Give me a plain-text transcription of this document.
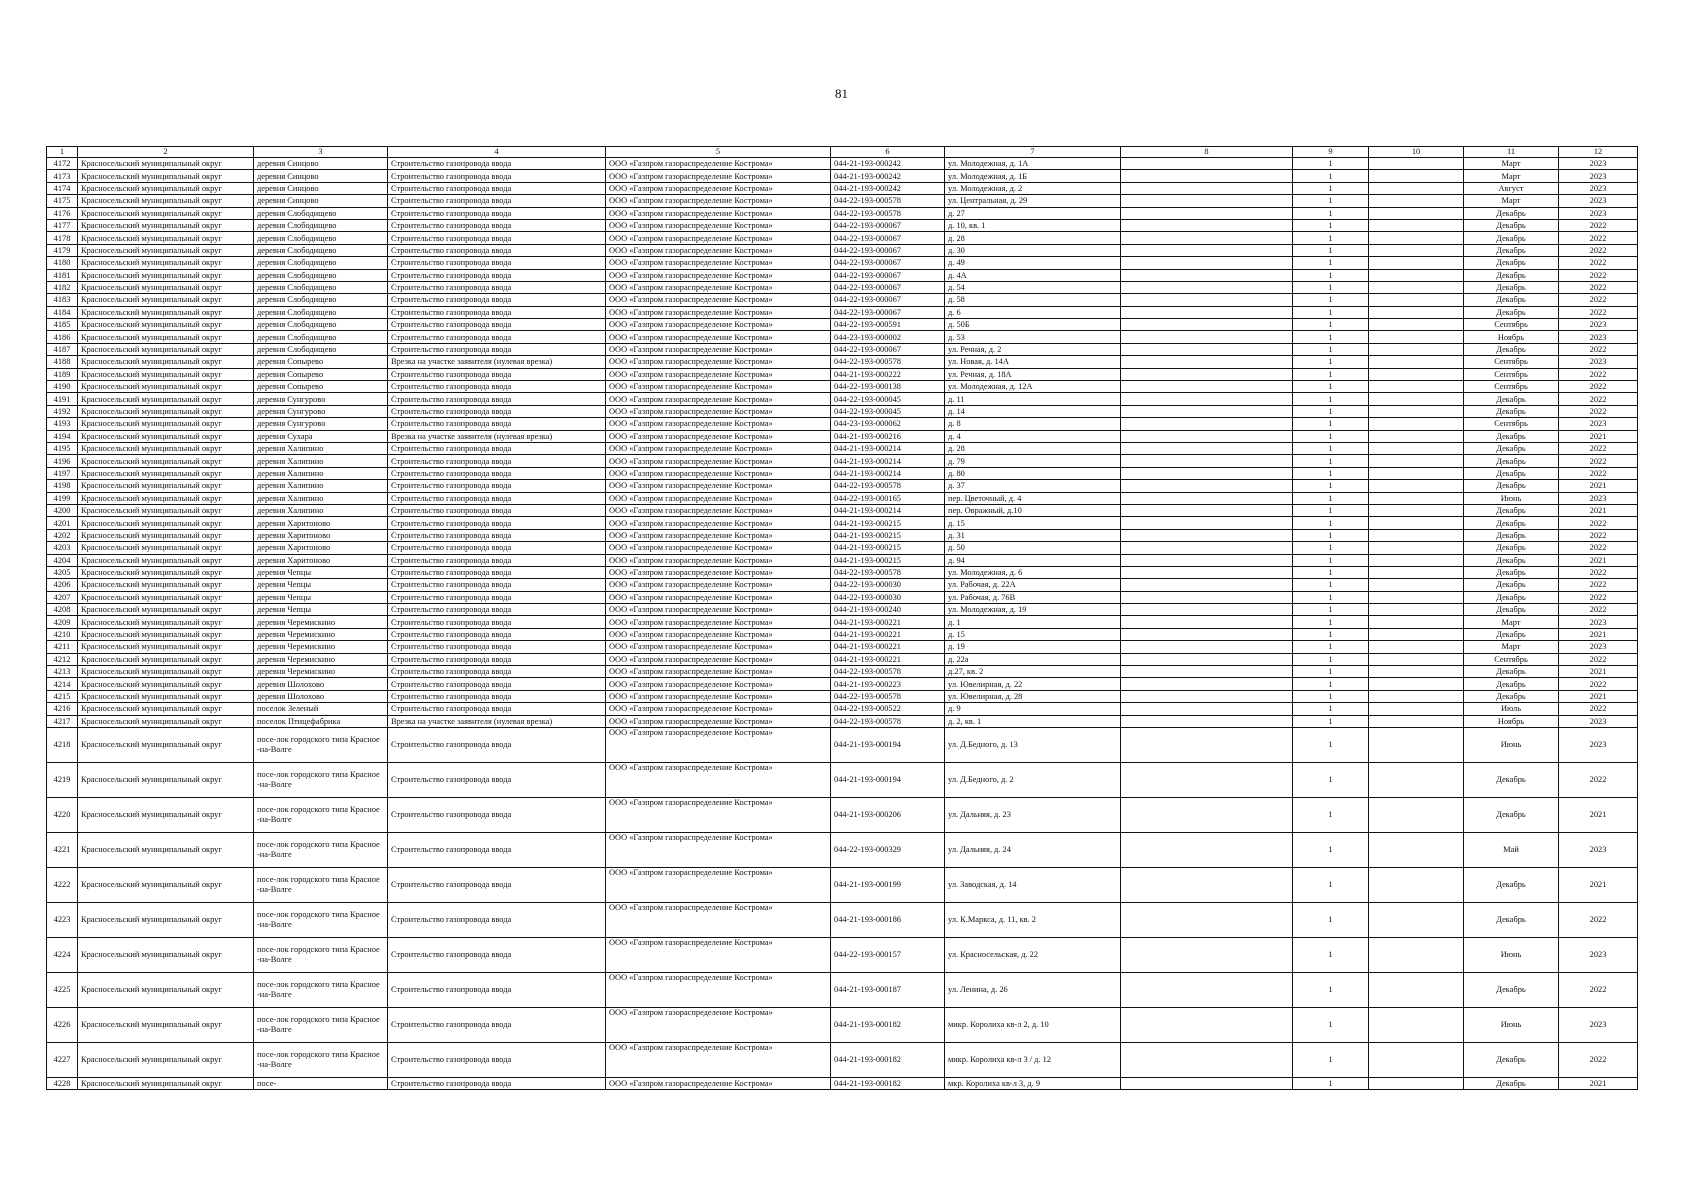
81
1	2	3	4	5	6	7	8	9	10	11	12
4172	Красносельский муниципальный округ	деревня Синцово	Строительство газопровода ввода	ООО «Газпром газораспределение Кострома»	044-21-193-000242	ул. Молодежная, д. 1А		1		Март	2023
4173	Красносельский муниципальный округ	деревня Синцово	Строительство газопровода ввода	ООО «Газпром газораспределение Кострома»	044-21-193-000242	ул. Молодежная, д. 1Б		1		Март	2023
4174	Красносельский муниципальный округ	деревня Синцово	Строительство газопровода ввода	ООО «Газпром газораспределение Кострома»	044-21-193-000242	ул. Молодежная, д. 2		1		Август	2023
4175	Красносельский муниципальный округ	деревня Синцово	Строительство газопровода ввода	ООО «Газпром газораспределение Кострома»	044-22-193-000578	ул. Центральная, д. 29		1		Март	2023
4176	Красносельский муниципальный округ	деревня Слободищево	Строительство газопровода ввода	ООО «Газпром газораспределение Кострома»	044-22-193-000578	д. 27		1		Декабрь	2023
4177	Красносельский муниципальный округ	деревня Слободищево	Строительство газопровода ввода	ООО «Газпром газораспределение Кострома»	044-22-193-000067	д. 10, кв. 1		1		Декабрь	2022
4178	Красносельский муниципальный округ	деревня Слободищево	Строительство газопровода ввода	ООО «Газпром газораспределение Кострома»	044-22-193-000067	д. 28		1		Декабрь	2022
4179	Красносельский муниципальный округ	деревня Слободищево	Строительство газопровода ввода	ООО «Газпром газораспределение Кострома»	044-22-193-000067	д. 30		1		Декабрь	2022
4180	Красносельский муниципальный округ	деревня Слободищево	Строительство газопровода ввода	ООО «Газпром газораспределение Кострома»	044-22-193-000067	д. 49		1		Декабрь	2022
4181	Красносельский муниципальный округ	деревня Слободищево	Строительство газопровода ввода	ООО «Газпром газораспределение Кострома»	044-22-193-000067	д. 4А		1		Декабрь	2022
4182	Красносельский муниципальный округ	деревня Слободищево	Строительство газопровода ввода	ООО «Газпром газораспределение Кострома»	044-22-193-000067	д. 54		1		Декабрь	2022
4183	Красносельский муниципальный округ	деревня Слободищево	Строительство газопровода ввода	ООО «Газпром газораспределение Кострома»	044-22-193-000067	д. 58		1		Декабрь	2022
4184	Красносельский муниципальный округ	деревня Слободищево	Строительство газопровода ввода	ООО «Газпром газораспределение Кострома»	044-22-193-000067	д. 6		1		Декабрь	2022
4185	Красносельский муниципальный округ	деревня Слободищево	Строительство газопровода ввода	ООО «Газпром газораспределение Кострома»	044-22-193-000591	д. 50Б		1		Сентябрь	2023
4186	Красносельский муниципальный округ	деревня Слободищево	Строительство газопровода ввода	ООО «Газпром газораспределение Кострома»	044-23-193-000002	д. 53		1		Ноябрь	2023
4187	Красносельский муниципальный округ	деревня Слободищево	Строительство газопровода ввода	ООО «Газпром газораспределение Кострома»	044-22-193-000067	ул. Речная, д. 2		1		Декабрь	2022
4188	Красносельский муниципальный округ	деревня Сопырево	Врезка на участке заявителя (нулевая врезка)	ООО «Газпром газораспределение Кострома»	044-22-193-000578	ул. Новая, д. 14А		1		Сентябрь	2023
4189	Красносельский муниципальный округ	деревня Сопырево	Строительство газопровода ввода	ООО «Газпром газораспределение Кострома»	044-21-193-000222	ул. Речная, д. 18А		1		Сентябрь	2022
4190	Красносельский муниципальный округ	деревня Сопырево	Строительство газопровода ввода	ООО «Газпром газораспределение Кострома»	044-22-193-000138	ул. Молодежная, д. 12А		1		Сентябрь	2022
4191	Красносельский муниципальный округ	деревня Сунгурово	Строительство газопровода ввода	ООО «Газпром газораспределение Кострома»	044-22-193-000045	д. 11		1		Декабрь	2022
4192	Красносельский муниципальный округ	деревня Сунгурово	Строительство газопровода ввода	ООО «Газпром газораспределение Кострома»	044-22-193-000045	д. 14		1		Декабрь	2022
4193	Красносельский муниципальный округ	деревня Сунгурово	Строительство газопровода ввода	ООО «Газпром газораспределение Кострома»	044-23-193-000062	д. 8		1		Сентябрь	2023
4194	Красносельский муниципальный округ	деревня Сухара	Врезка на участке заявителя (нулевая врезка)	ООО «Газпром газораспределение Кострома»	044-21-193-000216	д. 4		1		Декабрь	2021
4195	Красносельский муниципальный округ	деревня Халипино	Строительство газопровода ввода	ООО «Газпром газораспределение Кострома»	044-21-193-000214	д. 28		1		Декабрь	2022
4196	Красносельский муниципальный округ	деревня Халипино	Строительство газопровода ввода	ООО «Газпром газораспределение Кострома»	044-21-193-000214	д. 79		1		Декабрь	2022
4197	Красносельский муниципальный округ	деревня Халипино	Строительство газопровода ввода	ООО «Газпром газораспределение Кострома»	044-21-193-000214	д. 80		1		Декабрь	2022
4198	Красносельский муниципальный округ	деревня Халипино	Строительство газопровода ввода	ООО «Газпром газораспределение Кострома»	044-22-193-000578	д. 37		1		Декабрь	2021
4199	Красносельский муниципальный округ	деревня Халипино	Строительство газопровода ввода	ООО «Газпром газораспределение Кострома»	044-22-193-000165	пер. Цветочный, д. 4		1		Июнь	2023
4200	Красносельский муниципальный округ	деревня Халипино	Строительство газопровода ввода	ООО «Газпром газораспределение Кострома»	044-21-193-000214	пер. Овражный, д.10		1		Декабрь	2021
4201	Красносельский муниципальный округ	деревня Харитоново	Строительство газопровода ввода	ООО «Газпром газораспределение Кострома»	044-21-193-000215	д. 15		1		Декабрь	2022
4202	Красносельский муниципальный округ	деревня Харитоново	Строительство газопровода ввода	ООО «Газпром газораспределение Кострома»	044-21-193-000215	д. 31		1		Декабрь	2022
4203	Красносельский муниципальный округ	деревня Харитоново	Строительство газопровода ввода	ООО «Газпром газораспределение Кострома»	044-21-193-000215	д. 50		1		Декабрь	2022
4204	Красносельский муниципальный округ	деревня Харитоново	Строительство газопровода ввода	ООО «Газпром газораспределение Кострома»	044-21-193-000215	д. 94		1		Декабрь	2021
4205	Красносельский муниципальный округ	деревня Чепцы	Строительство газопровода ввода	ООО «Газпром газораспределение Кострома»	044-22-193-000578	ул. Молодежная, д. 6		1		Декабрь	2022
4206	Красносельский муниципальный округ	деревня Чепцы	Строительство газопровода ввода	ООО «Газпром газораспределение Кострома»	044-22-193-000030	ул. Рабочая, д. 22А		1		Декабрь	2022
4207	Красносельский муниципальный округ	деревня Чепцы	Строительство газопровода ввода	ООО «Газпром газораспределение Кострома»	044-22-193-000030	ул. Рабочая, д. 76В		1		Декабрь	2022
4208	Красносельский муниципальный округ	деревня Чепцы	Строительство газопровода ввода	ООО «Газпром газораспределение Кострома»	044-21-193-000240	ул. Молодежная, д. 19		1		Декабрь	2022
4209	Красносельский муниципальный округ	деревня Черемискино	Строительство газопровода ввода	ООО «Газпром газораспределение Кострома»	044-21-193-000221	д. 1		1		Март	2023
4210	Красносельский муниципальный округ	деревня Черемискино	Строительство газопровода ввода	ООО «Газпром газораспределение Кострома»	044-21-193-000221	д. 15		1		Декабрь	2021
4211	Красносельский муниципальный округ	деревня Черемискино	Строительство газопровода ввода	ООО «Газпром газораспределение Кострома»	044-21-193-000221	д. 19		1		Март	2023
4212	Красносельский муниципальный округ	деревня Черемискино	Строительство газопровода ввода	ООО «Газпром газораспределение Кострома»	044-21-193-000221	д. 22а		1		Сентябрь	2022
4213	Красносельский муниципальный округ	деревня Черемискино	Строительство газопровода ввода	ООО «Газпром газораспределение Кострома»	044-22-193-000578	д.27, кв. 2		1		Декабрь	2021
4214	Красносельский муниципальный округ	деревня Шолохово	Строительство газопровода ввода	ООО «Газпром газораспределение Кострома»	044-21-193-000223	ул. Ювелирная, д. 22		1		Декабрь	2022
4215	Красносельский муниципальный округ	деревня Шолохово	Строительство газопровода ввода	ООО «Газпром газораспределение Кострома»	044-22-193-000578	ул. Ювелирная, д. 28		1		Декабрь	2021
4216	Красносельский муниципальный округ	поселок Зеленый	Строительство газопровода ввода	ООО «Газпром газораспределение Кострома»	044-22-193-000522	д. 9		1		Июль	2022
4217	Красносельский муниципальный округ	поселок Птицефабрика	Врезка на участке заявителя (нулевая врезка)	ООО «Газпром газораспределение Кострома»	044-22-193-000578	д. 2, кв. 1		1		Ноябрь	2023
4218	Красносельский муниципальный округ	посе-лок городского типа Красное -на-Волге	Строительство газопровода ввода	ООО «Газпром газораспределение Кострома»	044-21-193-000194	ул. Д.Бедного, д. 13		1		Июнь	2023
4219	Красносельский муниципальный округ	посе-лок городского типа Красное -на-Волге	Строительство газопровода ввода	ООО «Газпром газораспределение Кострома»	044-21-193-000194	ул. Д.Бедного, д. 2		1		Декабрь	2022
4220	Красносельский муниципальный округ	посе-лок городского типа Красное -на-Волге	Строительство газопровода ввода	ООО «Газпром газораспределение Кострома»	044-21-193-000206	ул. Дальняя, д. 23		1		Декабрь	2021
4221	Красносельский муниципальный округ	посе-лок городского типа Красное -на-Волге	Строительство газопровода ввода	ООО «Газпром газораспределение Кострома»	044-22-193-000329	ул. Дальняя, д. 24		1		Май	2023
4222	Красносельский муниципальный округ	посе-лок городского типа Красное -на-Волге	Строительство газопровода ввода	ООО «Газпром газораспределение Кострома»	044-21-193-000199	ул. Заводская, д. 14		1		Декабрь	2021
4223	Красносельский муниципальный округ	посе-лок городского типа Красное -на-Волге	Строительство газопровода ввода	ООО «Газпром газораспределение Кострома»	044-21-193-000186	ул. К.Маркса, д. 11, кв. 2		1		Декабрь	2022
4224	Красносельский муниципальный округ	посе-лок городского типа Красное -на-Волге	Строительство газопровода ввода	ООО «Газпром газораспределение Кострома»	044-22-193-000157	ул. Красносельская, д. 22		1		Июнь	2023
4225	Красносельский муниципальный округ	посе-лок городского типа Красное -на-Волге	Строительство газопровода ввода	ООО «Газпром газораспределение Кострома»	044-21-193-000187	ул. Ленина, д. 26		1		Декабрь	2022
4226	Красносельский муниципальный округ	посе-лок городского типа Красное -на-Волге	Строительство газопровода ввода	ООО «Газпром газораспределение Кострома»	044-21-193-000182	микр. Королиха кв-л 2, д. 10		1		Июнь	2023
4227	Красносельский муниципальный округ	посе-лок городского типа Красное -на-Волге	Строительство газопровода ввода	ООО «Газпром газораспределение Кострома»	044-21-193-000182	микр. Королиха кв-л 3 / д. 12		1		Декабрь	2022
4228	Красносельский муниципальный округ	посе-	Строительство газопровода ввода	ООО «Газпром газораспределение Кострома»	044-21-193-000182	мкр. Королиха кв-л 3, д. 9		1		Декабрь	2021
